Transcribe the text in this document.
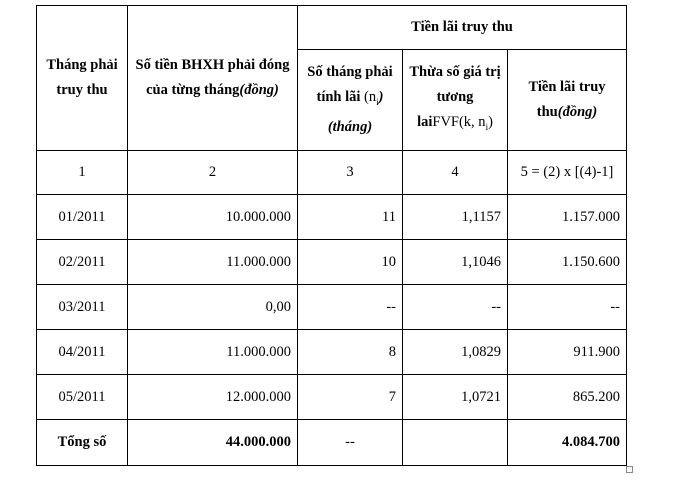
Tháng phải truy thu	Số tiền BHXH phải đóng của từng tháng(đồng)	Tiền lãi truy thu		
		Số tháng phải tính lãi $(n_i)(tháng)$	Thừa số giá trị tương laiFVF(k, $n_i$)	Tiền lãi truy thu(đồng)
1	2	3	4	5 = (2) x [(4)-1]
01/2011	10.000.000	11	1,1157	1.157.000
02/2011	11.000.000	10	1,1046	1.150.600
03/2011	0,00	--	--	--
04/2011	11.000.000	8	1,0829	911.900
05/2011	12.000.000	7	1,0721	865.200
Tổng số	44.000.000	--		4.084.700
